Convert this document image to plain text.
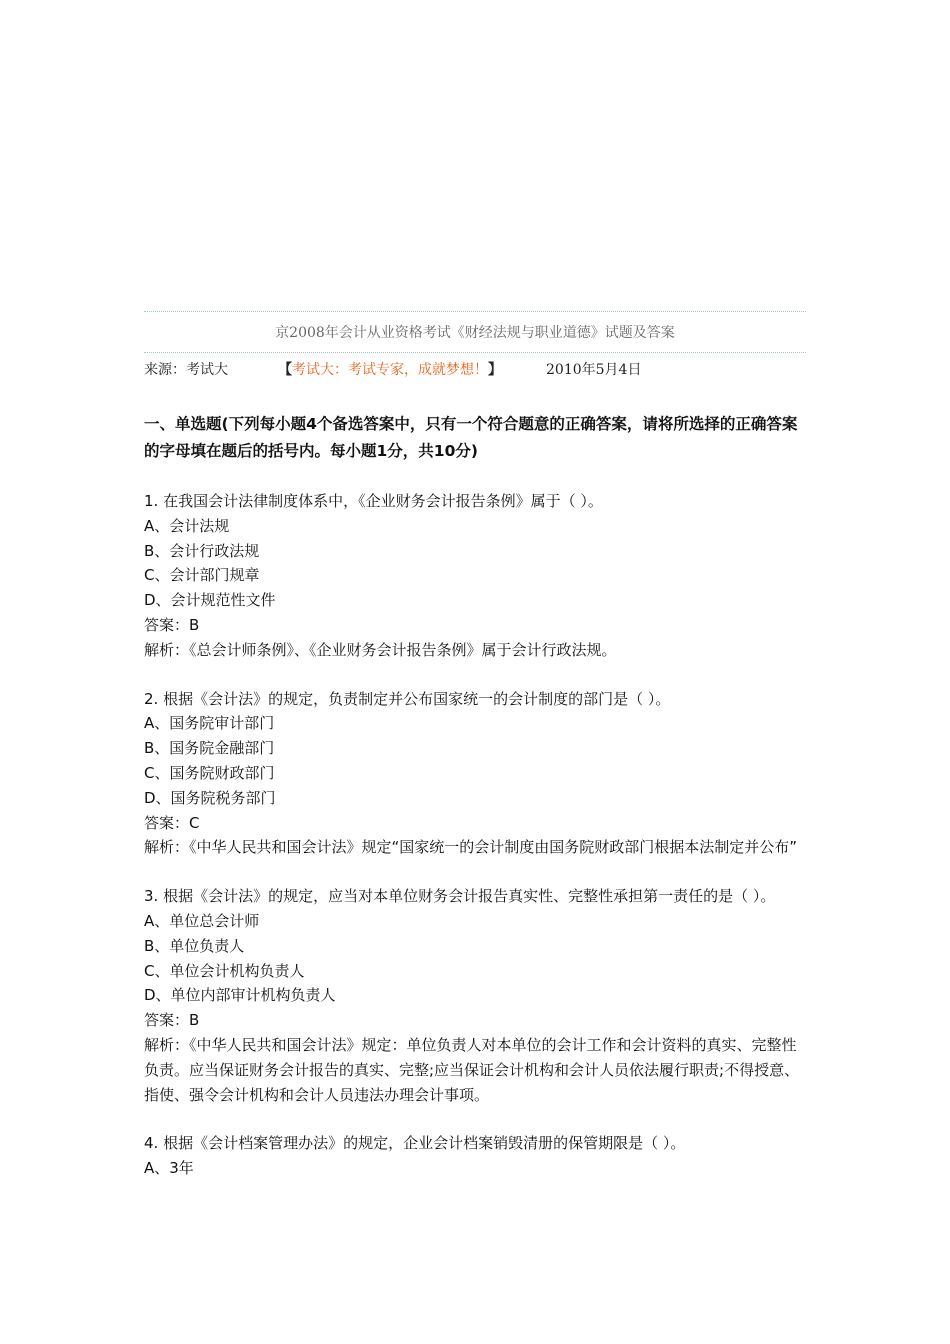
京2008年会计从业资格考试《财经法规与职业道德》试题及答案
来源：考试大	【考试大：考试专家，成就梦想！】	2010年5月4日
一、单选题(下列每小题4个备选答案中，只有一个符合题意的正确答案，请将所选择的正确答案的字母填在题后的括号内。每小题1分，共10分)
1. 在我国会计法律制度体系中，《企业财务会计报告条例》属于（ ）。
A、会计法规
B、会计行政法规
C、会计部门规章
D、会计规范性文件
答案：B
解析：《总会计师条例》、《企业财务会计报告条例》属于会计行政法规。
2. 根据《会计法》的规定，负责制定并公布国家统一的会计制度的部门是（ ）。
A、国务院审计部门
B、国务院金融部门
C、国务院财政部门
D、国务院税务部门
答案：C
解析：《中华人民共和国会计法》规定“国家统一的会计制度由国务院财政部门根据本法制定并公布”
3. 根据《会计法》的规定，应当对本单位财务会计报告真实性、完整性承担第一责任的是（ ）。
A、单位总会计师
B、单位负责人
C、单位会计机构负责人
D、单位内部审计机构负责人
答案：B
解析：《中华人民共和国会计法》规定：单位负责人对本单位的会计工作和会计资料的真实、完整性负责。应当保证财务会计报告的真实、完整;应当保证会计机构和会计人员依法履行职责;不得授意、指使、强令会计机构和会计人员违法办理会计事项。
4. 根据《会计档案管理办法》的规定，企业会计档案销毁清册的保管期限是（ ）。
A、3年
